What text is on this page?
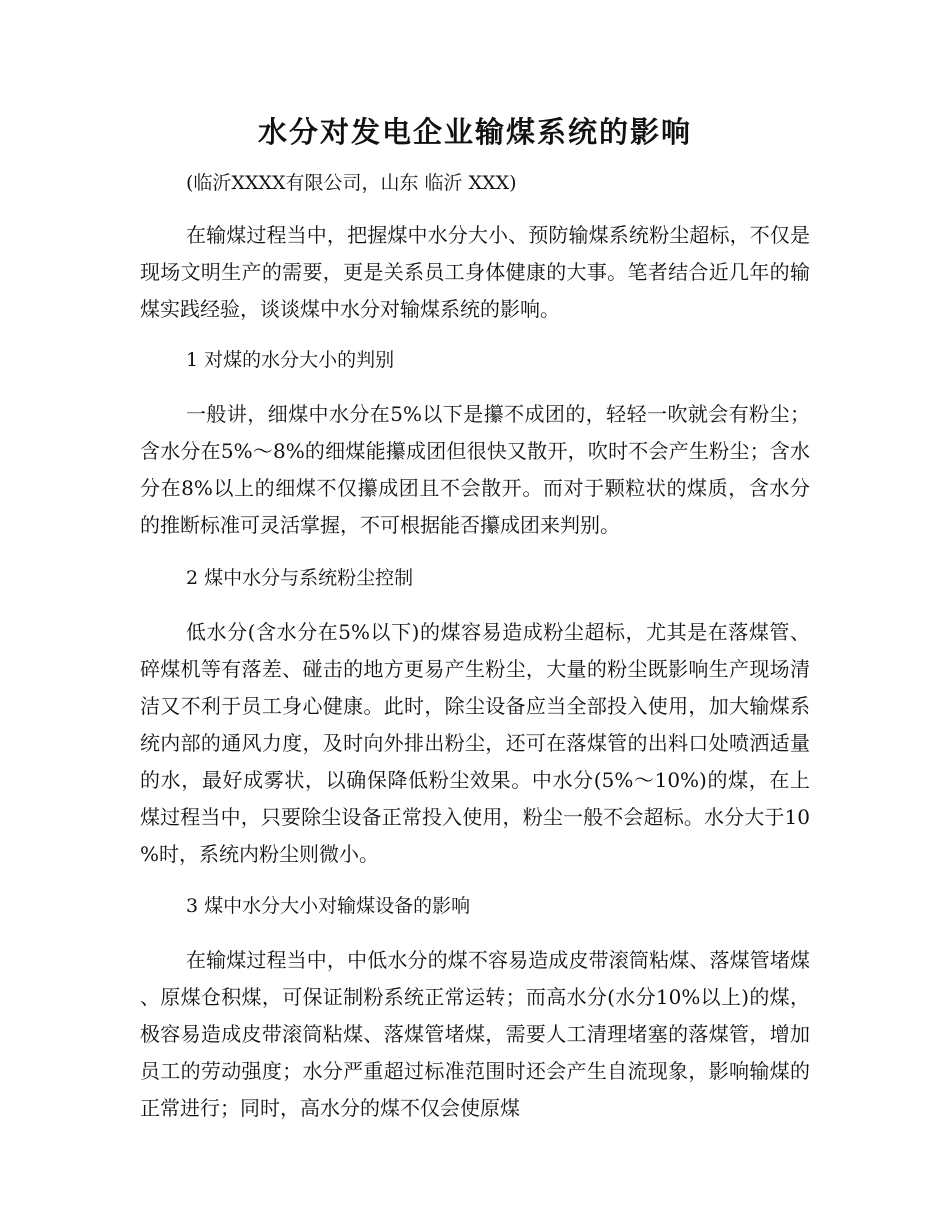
水分对发电企业输煤系统的影响

(临沂XXXX有限公司，山东 临沂 XXX)

在输煤过程当中，把握煤中水分大小、预防输煤系统粉尘超标，不仅是现场文明生产的需要，更是关系员工身体健康的大事。笔者结合近几年的输煤实践经验，谈谈煤中水分对输煤系统的影响。

1 对煤的水分大小的判别

一般讲，细煤中水分在5%以下是攥不成团的，轻轻一吹就会有粉尘；含水分在5%～8%的细煤能攥成团但很快又散开，吹时不会产生粉尘；含水分在8%以上的细煤不仅攥成团且不会散开。而对于颗粒状的煤质，含水分的推断标准可灵活掌握，不可根据能否攥成团来判别。

2 煤中水分与系统粉尘控制

低水分(含水分在5%以下)的煤容易造成粉尘超标，尤其是在落煤管、碎煤机等有落差、碰击的地方更易产生粉尘，大量的粉尘既影响生产现场清洁又不利于员工身心健康。此时，除尘设备应当全部投入使用，加大输煤系统内部的通风力度，及时向外排出粉尘，还可在落煤管的出料口处喷洒适量的水，最好成雾状，以确保降低粉尘效果。中水分(5%～10%)的煤，在上煤过程当中，只要除尘设备正常投入使用，粉尘一般不会超标。水分大于10%时，系统内粉尘则微小。

3 煤中水分大小对输煤设备的影响

在输煤过程当中，中低水分的煤不容易造成皮带滚筒粘煤、落煤管堵煤、原煤仓积煤，可保证制粉系统正常运转；而高水分(水分10%以上)的煤，极容易造成皮带滚筒粘煤、落煤管堵煤，需要人工清理堵塞的落煤管，增加员工的劳动强度；水分严重超过标准范围时还会产生自流现象，影响输煤的正常进行；同时，高水分的煤不仅会使原煤
